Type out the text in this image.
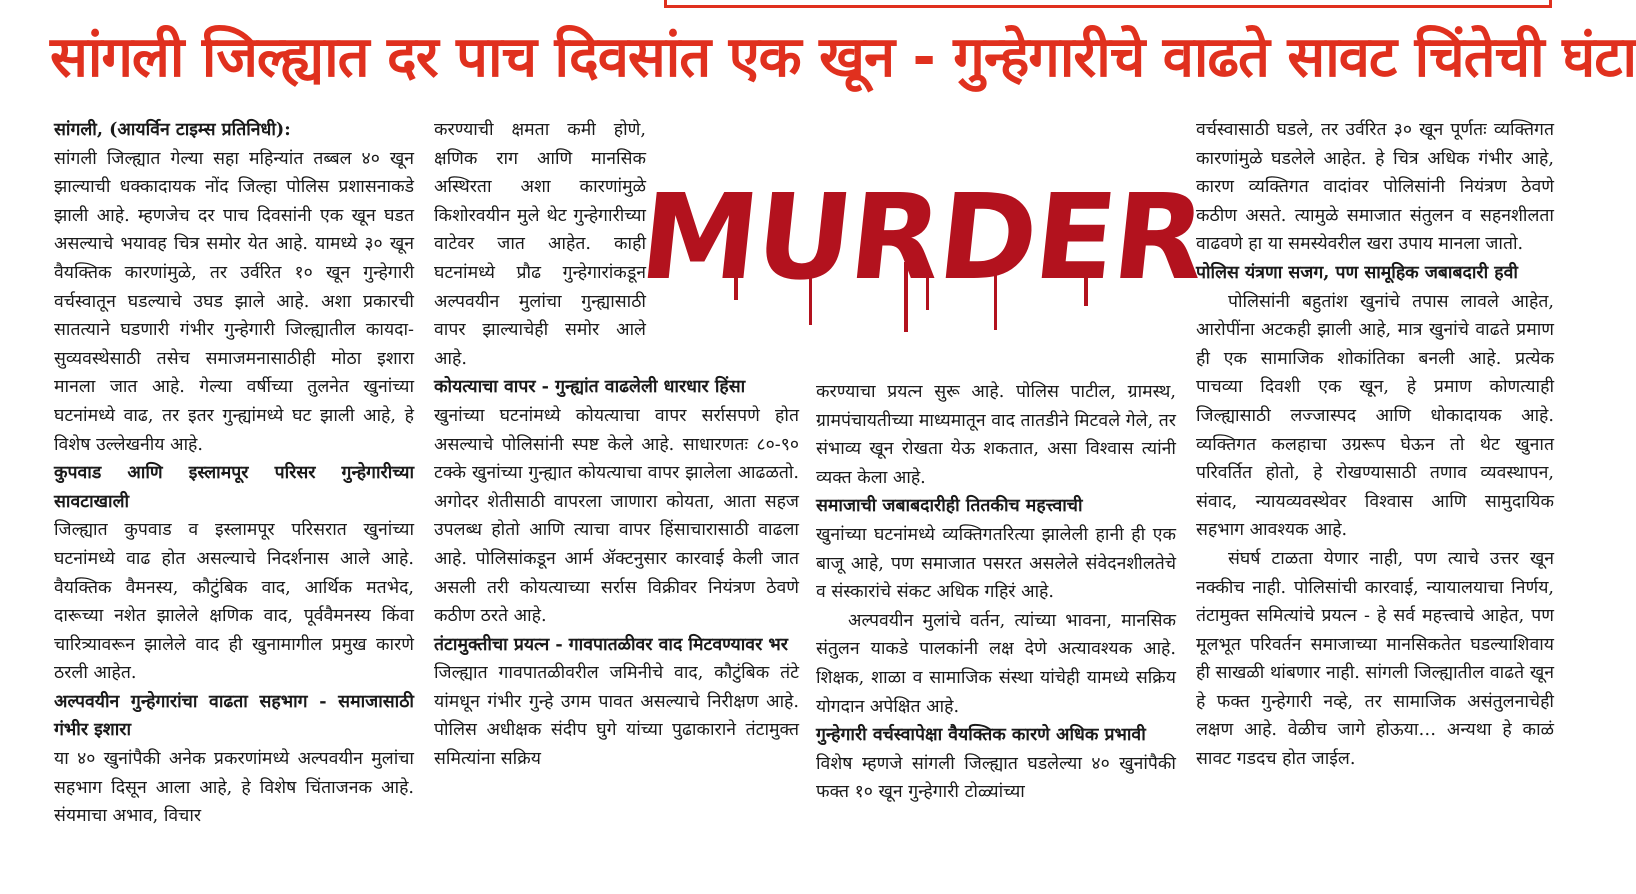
सांगली जिल्ह्यात दर पाच दिवसांत एक खून - गुन्हेगारीचे वाढते सावट चिंतेची घंटा

सांगली, (आयर्विन टाइम्स प्रतिनिधी):

सांगली जिल्ह्यात गेल्या सहा महिन्यांत तब्बल ४० खून झाल्याची धक्कादायक नोंद जिल्हा पोलिस प्रशासनाकडे झाली आहे. म्हणजेच दर पाच दिवसांनी एक खून घडत असल्याचे भयावह चित्र समोर येत आहे. यामध्ये ३० खून वैयक्तिक कारणांमुळे, तर उर्वरित १० खून गुन्हेगारी वर्चस्वातून घडल्याचे उघड झाले आहे. अशा प्रकारची सातत्याने घडणारी गंभीर गुन्हेगारी जिल्ह्यातील कायदा-सुव्यवस्थेसाठी तसेच समाजमनासाठीही मोठा इशारा मानला जात आहे. गेल्या वर्षीच्या तुलनेत खुनांच्या घटनांमध्ये वाढ, तर इतर गुन्ह्यांमध्ये घट झाली आहे, हे विशेष उल्लेखनीय आहे.

कुपवाड आणि इस्लामपूर परिसर गुन्हेगारीच्या सावटाखाली

जिल्ह्यात कुपवाड व इस्लामपूर परिसरात खुनांच्या घटनांमध्ये वाढ होत असल्याचे निदर्शनास आले आहे. वैयक्तिक वैमनस्य, कौटुंबिक वाद, आर्थिक मतभेद, दारूच्या नशेत झालेले क्षणिक वाद, पूर्ववैमनस्य किंवा चारित्र्यावरून झालेले वाद ही खुनामागील प्रमुख कारणे ठरली आहेत.

अल्पवयीन गुन्हेगारांचा वाढता सहभाग - समाजासाठी गंभीर इशारा

या ४० खुनांपैकी अनेक प्रकरणांमध्ये अल्पवयीन मुलांचा सहभाग दिसून आला आहे, हे विशेष चिंताजनक आहे. संयमाचा अभाव, विचार

करण्याची क्षमता कमी होणे, क्षणिक राग आणि मानसिक अस्थिरता अशा कारणांमुळे किशोरवयीन मुले थेट गुन्हेगारीच्या वाटेवर जात आहेत. काही घटनांमध्ये प्रौढ गुन्हेगारांकडून अल्पवयीन मुलांचा गुन्ह्यासाठी वापर झाल्याचेही समोर आले आहे.

कोयत्याचा वापर - गुन्ह्यांत वाढलेली धारधार हिंसा

खुनांच्या घटनांमध्ये कोयत्याचा वापर सर्रासपणे होत असल्याचे पोलिसांनी स्पष्ट केले आहे. साधारणतः ८०-९० टक्के खुनांच्या गुन्ह्यात कोयत्याचा वापर झालेला आढळतो. अगोदर शेतीसाठी वापरला जाणारा कोयता, आता सहज उपलब्ध होतो आणि त्याचा वापर हिंसाचारासाठी वाढला आहे. पोलिसांकडून आर्म ॲक्टनुसार कारवाई केली जात असली तरी कोयत्याच्या सर्रास विक्रीवर नियंत्रण ठेवणे कठीण ठरते आहे.

तंटामुक्तीचा प्रयत्न - गावपातळीवर वाद मिटवण्यावर भर

जिल्ह्यात गावपातळीवरील जमिनीचे वाद, कौटुंबिक तंटे यांमधून गंभीर गुन्हे उगम पावत असल्याचे निरीक्षण आहे. पोलिस अधीक्षक संदीप घुगे यांच्या पुढाकाराने तंटामुक्त समित्यांना सक्रिय

MURDER

करण्याचा प्रयत्न सुरू आहे. पोलिस पाटील, ग्रामस्थ, ग्रामपंचायतीच्या माध्यमातून वाद तातडीने मिटवले गेले, तर संभाव्य खून रोखता येऊ शकतात, असा विश्वास त्यांनी व्यक्त केला आहे.

समाजाची जबाबदारीही तितकीच महत्त्वाची

खुनांच्या घटनांमध्ये व्यक्तिगतरित्या झालेली हानी ही एक बाजू आहे, पण समाजात पसरत असलेले संवेदनशीलतेचे व संस्कारांचे संकट अधिक गहिरं आहे.

अल्पवयीन मुलांचे वर्तन, त्यांच्या भावना, मानसिक संतुलन याकडे पालकांनी लक्ष देणे अत्यावश्यक आहे. शिक्षक, शाळा व सामाजिक संस्था यांचेही यामध्ये सक्रिय योगदान अपेक्षित आहे.

गुन्हेगारी वर्चस्वापेक्षा वैयक्तिक कारणे अधिक प्रभावी

विशेष म्हणजे सांगली जिल्ह्यात घडलेल्या ४० खुनांपैकी फक्त १० खून गुन्हेगारी टोळ्यांच्या

वर्चस्वासाठी घडले, तर उर्वरित ३० खून पूर्णतः व्यक्तिगत कारणांमुळे घडलेले आहेत. हे चित्र अधिक गंभीर आहे, कारण व्यक्तिगत वादांवर पोलिसांनी नियंत्रण ठेवणे कठीण असते. त्यामुळे समाजात संतुलन व सहनशीलता वाढवणे हा या समस्येवरील खरा उपाय मानला जातो.

पोलिस यंत्रणा सजग, पण सामूहिक जबाबदारी हवी

पोलिसांनी बहुतांश खुनांचे तपास लावले आहेत, आरोपींना अटकही झाली आहे, मात्र खुनांचे वाढते प्रमाण ही एक सामाजिक शोकांतिका बनली आहे. प्रत्येक पाचव्या दिवशी एक खून, हे प्रमाण कोणत्याही जिल्ह्यासाठी लज्जास्पद आणि धोकादायक आहे. व्यक्तिगत कलहाचा उग्ररूप घेऊन तो थेट खुनात परिवर्तित होतो, हे रोखण्यासाठी तणाव व्यवस्थापन, संवाद, न्यायव्यवस्थेवर विश्वास आणि सामुदायिक सहभाग आवश्यक आहे.

संघर्ष टाळता येणार नाही, पण त्याचे उत्तर खून नक्कीच नाही. पोलिसांची कारवाई, न्यायालयाचा निर्णय, तंटामुक्त समित्यांचे प्रयत्न - हे सर्व महत्त्वाचे आहेत, पण मूलभूत परिवर्तन समाजाच्या मानसिकतेत घडल्याशिवाय ही साखळी थांबणार नाही. सांगली जिल्ह्यातील वाढते खून हे फक्त गुन्हेगारी नव्हे, तर सामाजिक असंतुलनाचेही लक्षण आहे. वेळीच जागे होऊया… अन्यथा हे काळं सावट गडदच होत जाईल.
